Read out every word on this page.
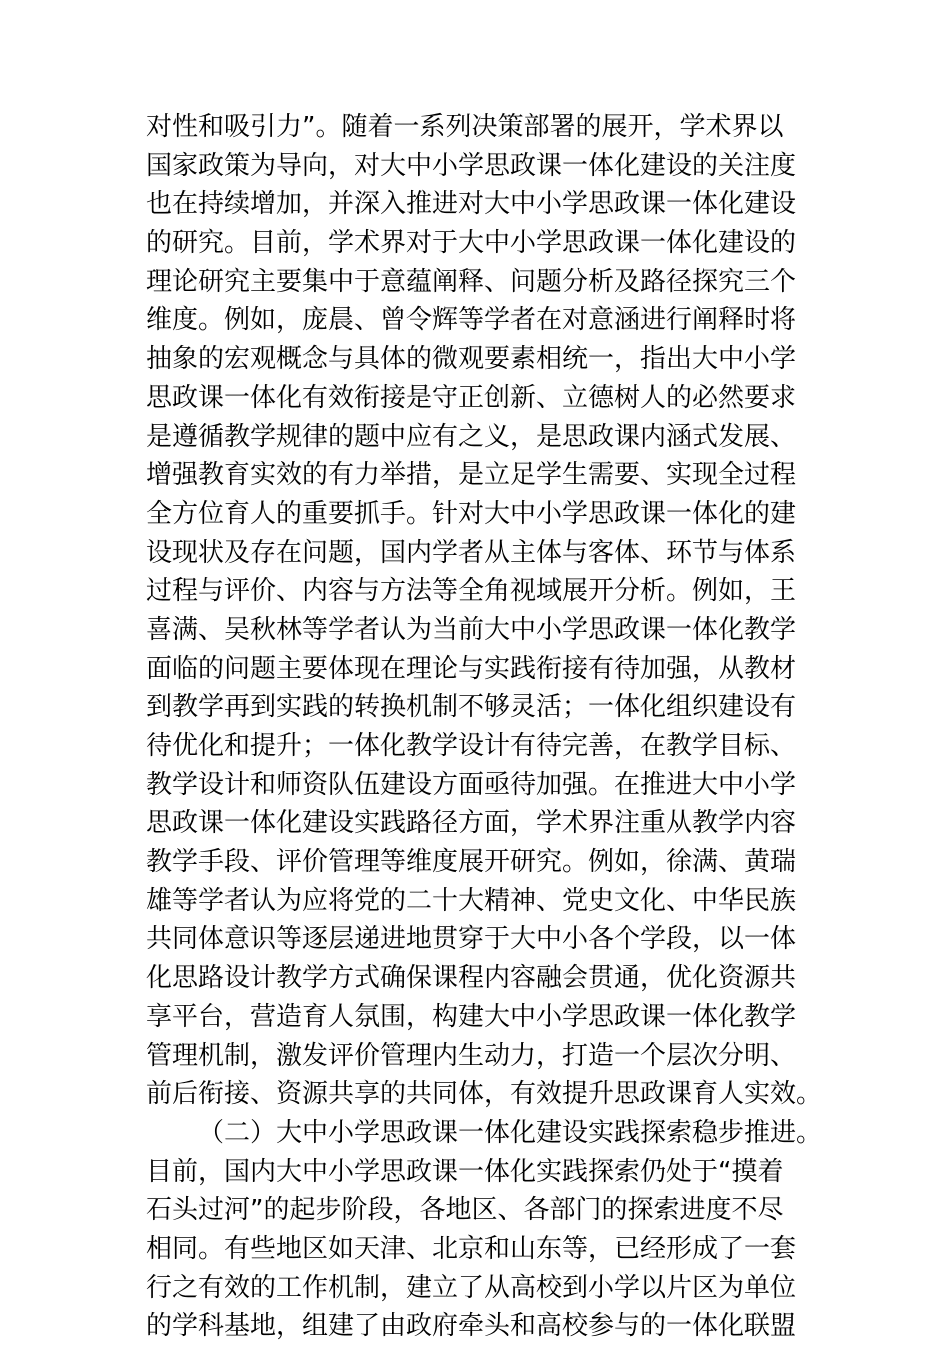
对性和吸引力”。随着一系列决策部署的展开，学术界以
国家政策为导向，对大中小学思政课一体化建设的关注度
也在持续增加，并深入推进对大中小学思政课一体化建设
的研究。目前，学术界对于大中小学思政课一体化建设的
理论研究主要集中于意蕴阐释、问题分析及路径探究三个
维度。例如，庞晨、曾令辉等学者在对意涵进行阐释时将
抽象的宏观概念与具体的微观要素相统一，指出大中小学
思政课一体化有效衔接是守正创新、立德树人的必然要求
是遵循教学规律的题中应有之义，是思政课内涵式发展、
增强教育实效的有力举措，是立足学生需要、实现全过程
全方位育人的重要抓手。针对大中小学思政课一体化的建
设现状及存在问题，国内学者从主体与客体、环节与体系
过程与评价、内容与方法等全角视域展开分析。例如，王
喜满、吴秋林等学者认为当前大中小学思政课一体化教学
面临的问题主要体现在理论与实践衔接有待加强，从教材
到教学再到实践的转换机制不够灵活；一体化组织建设有
待优化和提升；一体化教学设计有待完善，在教学目标、
教学设计和师资队伍建设方面亟待加强。在推进大中小学
思政课一体化建设实践路径方面，学术界注重从教学内容
教学手段、评价管理等维度展开研究。例如，徐满、黄瑞
雄等学者认为应将党的二十大精神、党史文化、中华民族
共同体意识等逐层递进地贯穿于大中小各个学段，以一体
化思路设计教学方式确保课程内容融会贯通，优化资源共
享平台，营造育人氛围，构建大中小学思政课一体化教学
管理机制，激发评价管理内生动力，打造一个层次分明、
前后衔接、资源共享的共同体，有效提升思政课育人实效。
（二）大中小学思政课一体化建设实践探索稳步推进。
目前，国内大中小学思政课一体化实践探索仍处于“摸着
石头过河”的起步阶段，各地区、各部门的探索进度不尽
相同。有些地区如天津、北京和山东等，已经形成了一套
行之有效的工作机制，建立了从高校到小学以片区为单位
的学科基地，组建了由政府牵头和高校参与的一体化联盟
